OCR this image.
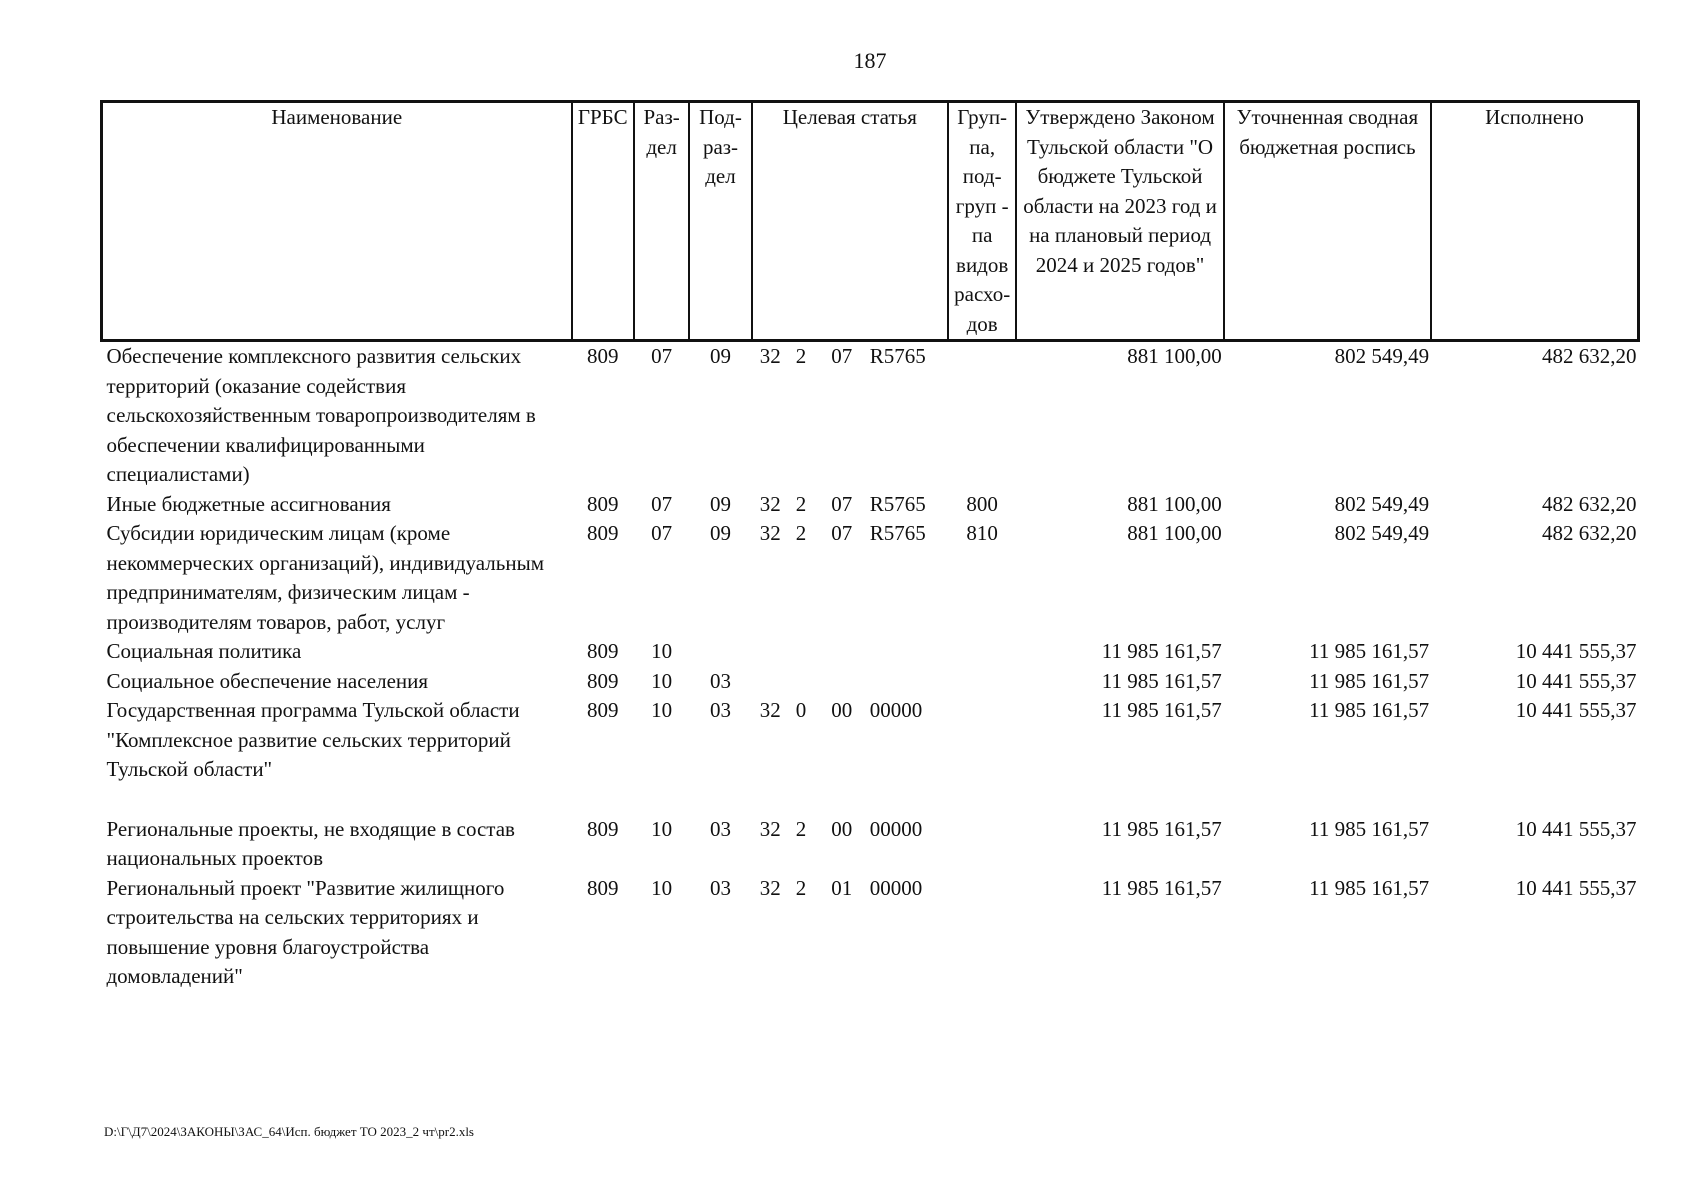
187
Наименование	ГРБС	Раз-дел	Под-раз-дел	Целевая статья	Груп-па, под-груп - па видов расхо-дов	Утверждено Законом Тульской области "О бюджете Тульской области на 2023 год и на плановый период 2024 и 2025 годов"	Уточненная сводная бюджетная роспись	Исполнено
Обеспечение комплексного развития сельских территорий (оказание содействия сельскохозяйственным товаропроизводителям в обеспечении квалифицированными специалистами)	809	07	09	32 2 07 R5765		881 100,00	802 549,49	482 632,20
Иные бюджетные ассигнования	809	07	09	32 2 07 R5765	800	881 100,00	802 549,49	482 632,20
Субсидии юридическим лицам (кроме некоммерческих организаций), индивидуальным предпринимателям, физическим лицам - производителям товаров, работ, услуг	809	07	09	32 2 07 R5765	810	881 100,00	802 549,49	482 632,20
Социальная политика	809	10				11 985 161,57	11 985 161,57	10 441 555,37
Социальное обеспечение населения	809	10	03			11 985 161,57	11 985 161,57	10 441 555,37
Государственная программа Тульской области "Комплексное развитие сельских территорий Тульской области"	809	10	03	32 0 00 00000		11 985 161,57	11 985 161,57	10 441 555,37
Региональные проекты, не входящие в состав национальных проектов	809	10	03	32 2 00 00000		11 985 161,57	11 985 161,57	10 441 555,37
Региональный проект "Развитие жилищного строительства на сельских территориях и повышение уровня благоустройства домовладений"	809	10	03	32 2 01 00000		11 985 161,57	11 985 161,57	10 441 555,37
D:\Г\Д7\2024\ЗАКОНЫ\ЗАС_64\Исп. бюджет ТО 2023_2 чт\pr2.xls
